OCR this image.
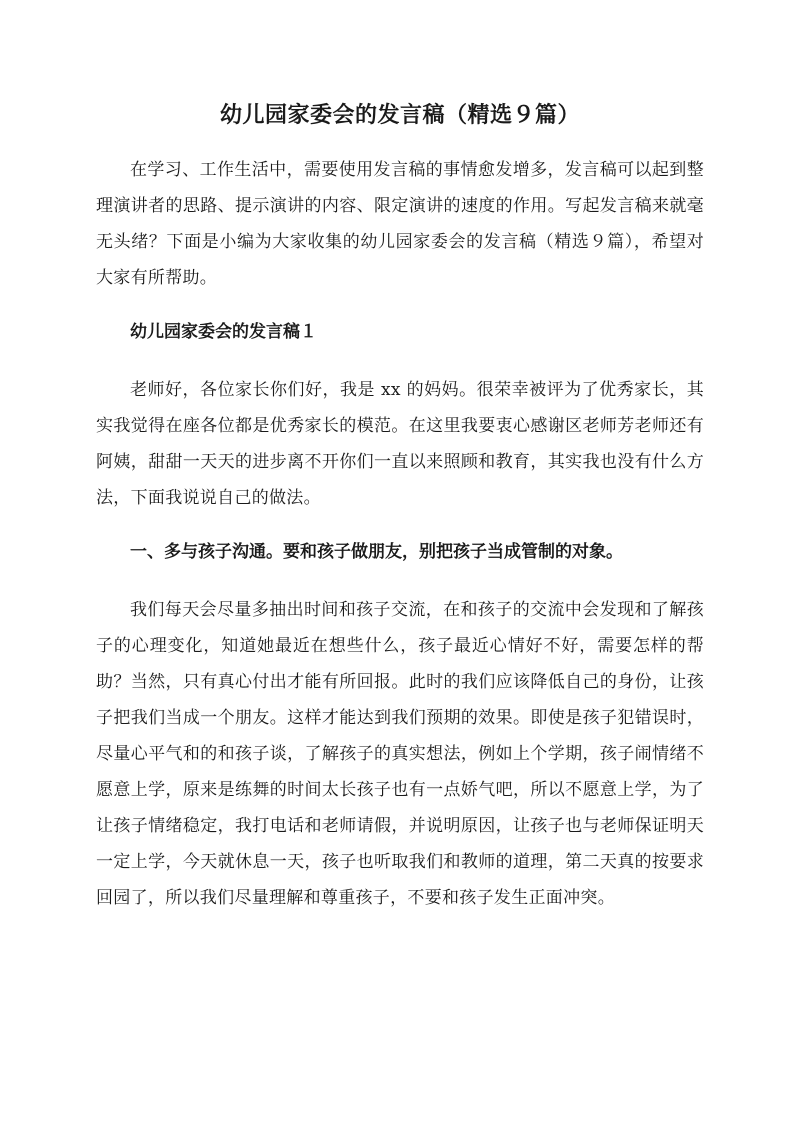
幼儿园家委会的发言稿（精选９篇）

在学习、工作生活中，需要使用发言稿的事情愈发增多，发言稿可以起到整理演讲者的思路、提示演讲的内容、限定演讲的速度的作用。写起发言稿来就毫无头绪？下面是小编为大家收集的幼儿园家委会的发言稿（精选９篇），希望对大家有所帮助。

幼儿园家委会的发言稿１

老师好，各位家长你们好，我是 xx 的妈妈。很荣幸被评为了优秀家长，其实我觉得在座各位都是优秀家长的模范。在这里我要衷心感谢区老师芳老师还有阿姨，甜甜一天天的进步离不开你们一直以来照顾和教育，其实我也没有什么方法，下面我说说自己的做法。

一、多与孩子沟通。要和孩子做朋友，别把孩子当成管制的对象。

我们每天会尽量多抽出时间和孩子交流，在和孩子的交流中会发现和了解孩子的心理变化，知道她最近在想些什么，孩子最近心情好不好，需要怎样的帮助？当然，只有真心付出才能有所回报。此时的我们应该降低自己的身份，让孩子把我们当成一个朋友。这样才能达到我们预期的效果。即使是孩子犯错误时，尽量心平气和的和孩子谈，了解孩子的真实想法，例如上个学期，孩子闹情绪不愿意上学，原来是练舞的时间太长孩子也有一点娇气吧，所以不愿意上学，为了让孩子情绪稳定，我打电话和老师请假，并说明原因，让孩子也与老师保证明天一定上学，今天就休息一天，孩子也听取我们和教师的道理，第二天真的按要求回园了，所以我们尽量理解和尊重孩子，不要和孩子发生正面冲突。
